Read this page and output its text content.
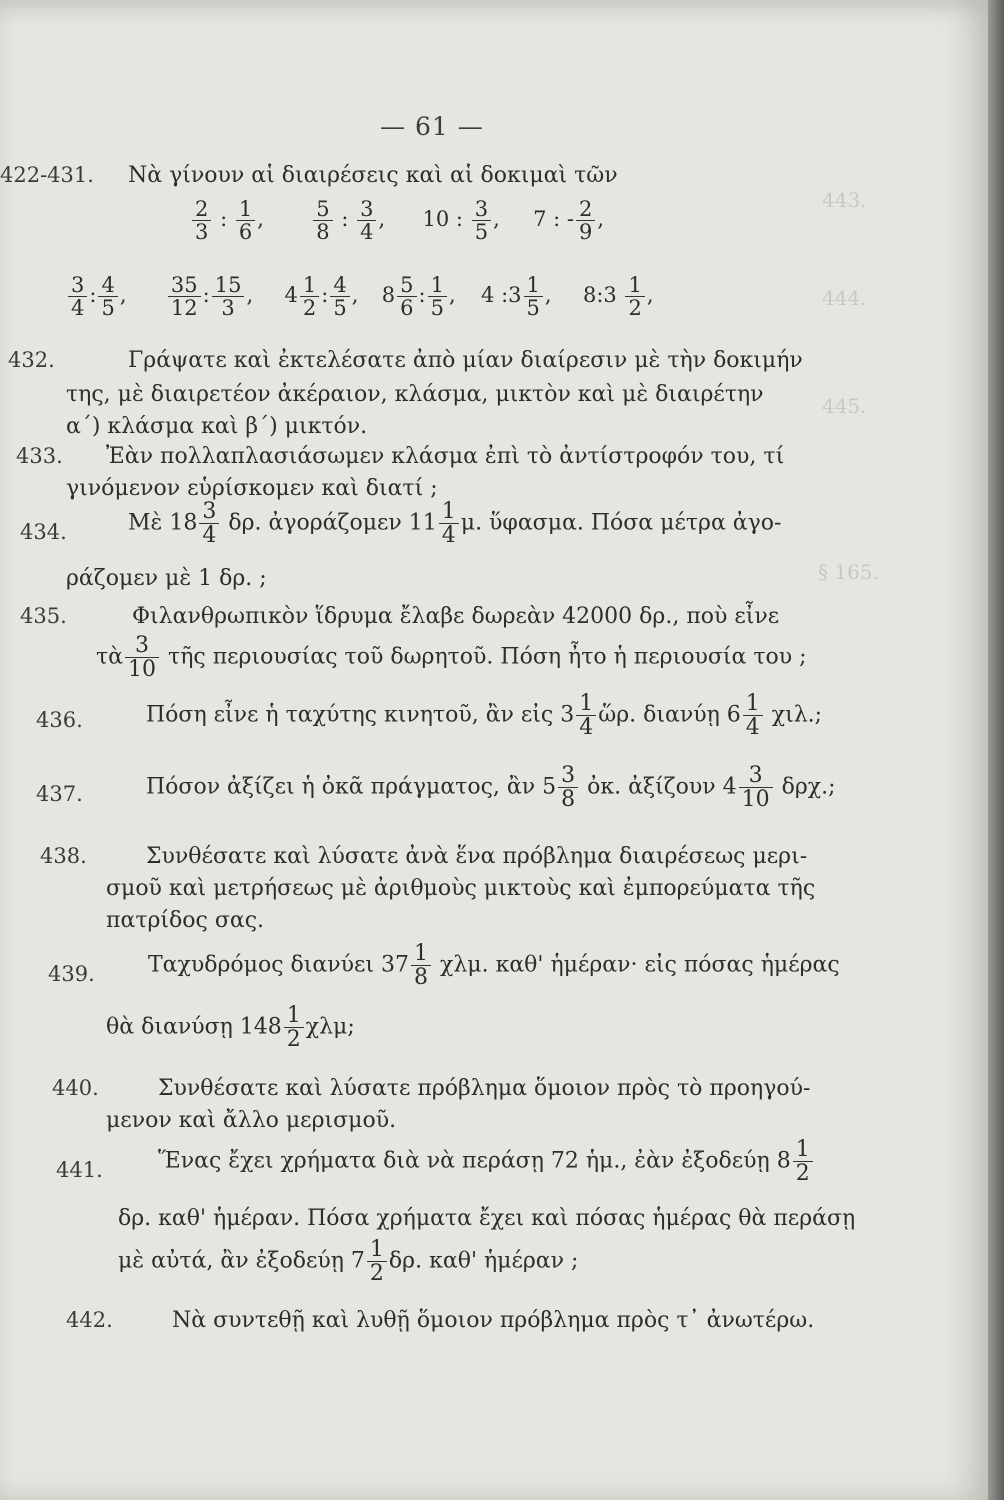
443.
444.
445.
§ 165.
— 61 —
422-431. Νὰ γίνουν αἱ διαιρέσεις καὶ αἱ δοκιμαὶ τῶν
$\frac{2}{3}$ : $\frac{1}{6}$ , $\frac{5}{8}$ : $\frac{3}{4}$ , 10 : $\frac{3}{5}$ , 7 : - $\frac{2}{9}$ ,
$\frac{3}{4}$ : $\frac{4}{5}$ , $\frac{35}{12}$ : $\frac{15}{3}$ , $4 \frac{1}{2}$ : $\frac{4}{5}$ , $8 \frac{5}{6}$ : $\frac{1}{5}$ , 4 :3 $\frac{1}{5}$ , 8:3 $\frac{1}{2}$ ,
432.	Γράψατε καὶ ἐκτελέσατε ἀπὸ μίαν διαίρεσιν μὲ τὴν δοκιμήν
της, μὲ διαιρετέον ἀκέραιον, κλάσμα, μικτὸν καὶ μὲ διαιρέτην
α΄) κλάσμα καὶ β΄) μικτόν.
433. Ἐὰν πολλαπλασιάσωμεν κλάσμα ἐπὶ τὸ ἀντίστροφόν του, τί
γινόμενον εὑρίσκομεν καὶ διατί ;
434.	Μὲ $18 \frac{3}{4} \delta\rho$. ἀγοράζομεν $11 \frac{1}{4} \mu$. ὕφασμα. Πόσα μέτρα ἀγο-
ράζομεν μὲ 1 δρ. ;
435.	Φιλανθρωπικὸν ἵδρυμα ἔλαβε δωρεὰν 42000 δρ., ποὺ εἶνε
τὰ $\frac{3}{10}$ τῆς περιουσίας τοῦ δωρητοῦ. Πόση ἦτο ἡ περιουσία του ;
436.	Πόση εἶνε ἡ ταχύτης κινητοῦ, ἂν εἰς $3 \frac{1}{4}$ ὥρ. διανύῃ $6 \frac{1}{4} \chi\iota\lambda$.;
437.	Πόσον ἀξίζει ἡ ὀκᾶ πράγματος, ἂν $5 \frac{3}{8}$ ὀκ. ἀξίζουν $4 \frac{3}{10} \delta\rho\chi$.;
438.	Συνθέσατε καὶ λύσατε ἀνὰ ἕνα πρόβλημα διαιρέσεως μερι-
σμοῦ καὶ μετρήσεως μὲ ἀριθμοὺς μικτοὺς καὶ ἐμπορεύματα τῆς
πατρίδος σας.
439. Ταχυδρόμος διανύει $37 \frac{1}{8} \chi\lambda\mu$. καθ' ἡμέραν· εἰς πόσας ἡμέρας
θὰ διανύσῃ $148 \frac{1}{2} \chi\lambda\mu$;
440.	Συνθέσατε καὶ λύσατε πρόβλημα ὅμοιον πρὸς τὸ προηγού-
μενον καὶ ἄλλο μερισμοῦ.
441.	Ἕνας ἔχει χρήματα διὰ νὰ περάσῃ 72 ἡμ., ἐὰν ἐξοδεύῃ $8 \frac{1}{2}$
δρ. καθ' ἡμέραν. Πόσα χρήματα ἔχει καὶ πόσας ἡμέρας θὰ περάσῃ
μὲ αὐτά, ἂν ἐξοδεύῃ $7 \frac{1}{2} \delta\rho$. καθ' ἡμέραν ;
442.	Νὰ συντεθῇ καὶ λυθῇ ὅμοιον πρόβλημα πρὸς τ᾽ ἀνωτέρω.
